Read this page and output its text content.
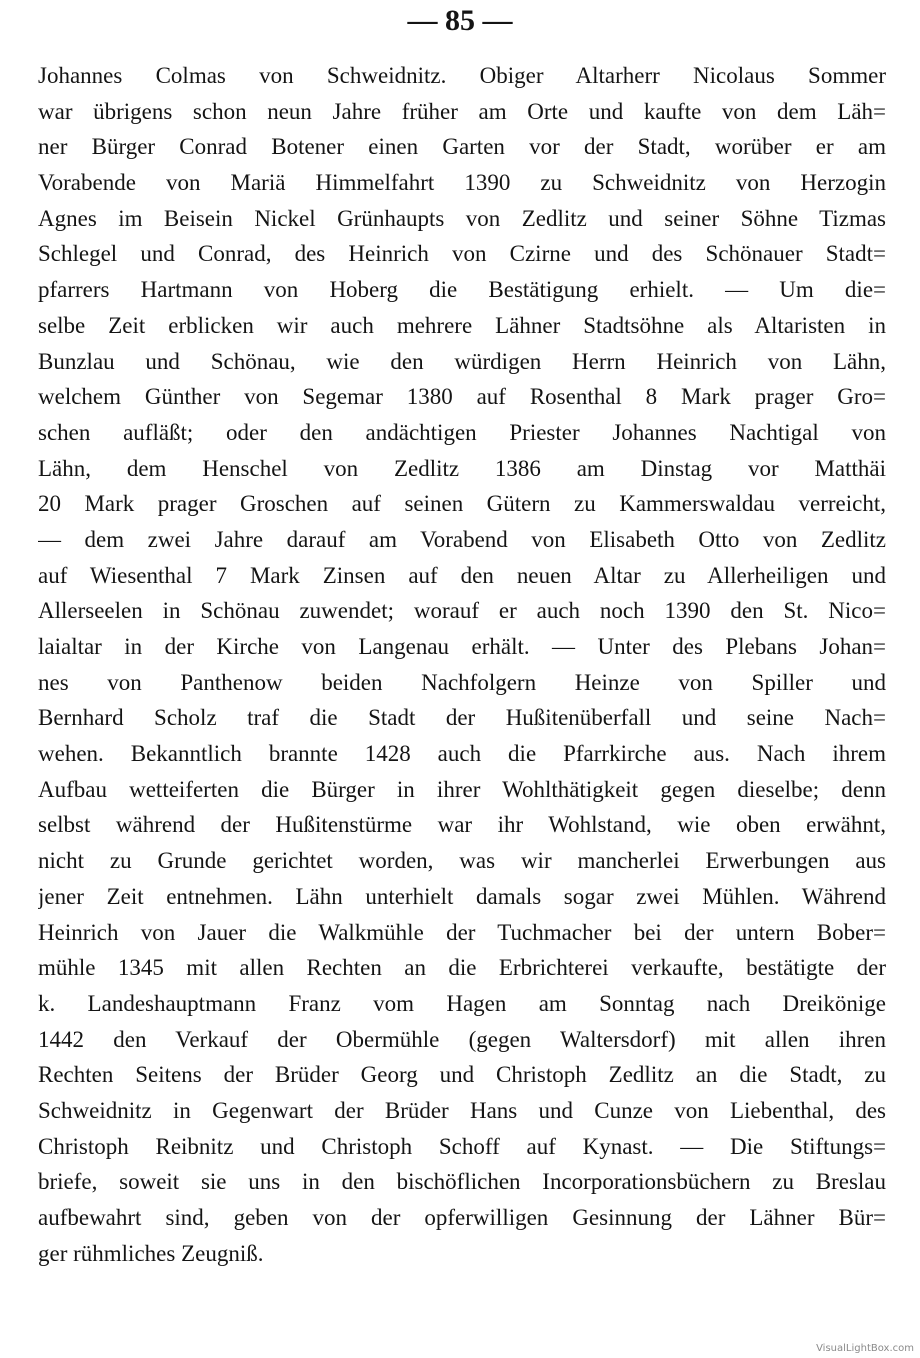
— 85 —
Johannes Colmas von Schweidnitz. Obiger Altarherr Nicolaus Sommer
war übrigens schon neun Jahre früher am Orte und kaufte von dem Läh=
ner Bürger Conrad Botener einen Garten vor der Stadt, worüber er am
Vorabende von Mariä Himmelfahrt 1390 zu Schweidnitz von Herzogin
Agnes im Beisein Nickel Grünhaupts von Zedlitz und seiner Söhne Tizmas
Schlegel und Conrad, des Heinrich von Czirne und des Schönauer Stadt=
pfarrers Hartmann von Hoberg die Bestätigung erhielt. — Um die=
selbe Zeit erblicken wir auch mehrere Lähner Stadtsöhne als Altaristen in
Bunzlau und Schönau, wie den würdigen Herrn Heinrich von Lähn,
welchem Günther von Segemar 1380 auf Rosenthal 8 Mark prager Gro=
schen aufläßt; oder den andächtigen Priester Johannes Nachtigal von
Lähn, dem Henschel von Zedlitz 1386 am Dinstag vor Matthäi
20 Mark prager Groschen auf seinen Gütern zu Kammerswaldau verreicht,
— dem zwei Jahre darauf am Vorabend von Elisabeth Otto von Zedlitz
auf Wiesenthal 7 Mark Zinsen auf den neuen Altar zu Allerheiligen und
Allerseelen in Schönau zuwendet; worauf er auch noch 1390 den St. Nico=
laialtar in der Kirche von Langenau erhält. — Unter des Plebans Johan=
nes von Panthenow beiden Nachfolgern Heinze von Spiller und
Bernhard Scholz traf die Stadt der Hußitenüberfall und seine Nach=
wehen. Bekanntlich brannte 1428 auch die Pfarrkirche aus. Nach ihrem
Aufbau wetteiferten die Bürger in ihrer Wohlthätigkeit gegen dieselbe; denn
selbst während der Hußitenstürme war ihr Wohlstand, wie oben erwähnt,
nicht zu Grunde gerichtet worden, was wir mancherlei Erwerbungen aus
jener Zeit entnehmen. Lähn unterhielt damals sogar zwei Mühlen. Während
Heinrich von Jauer die Walkmühle der Tuchmacher bei der untern Bober=
mühle 1345 mit allen Rechten an die Erbrichterei verkaufte, bestätigte der
k. Landeshauptmann Franz vom Hagen am Sonntag nach Dreikönige
1442 den Verkauf der Obermühle (gegen Waltersdorf) mit allen ihren
Rechten Seitens der Brüder Georg und Christoph Zedlitz an die Stadt, zu
Schweidnitz in Gegenwart der Brüder Hans und Cunze von Liebenthal, des
Christoph Reibnitz und Christoph Schoff auf Kynast. — Die Stiftungs=
briefe, soweit sie uns in den bischöflichen Incorporationsbüchern zu Breslau
aufbewahrt sind, geben von der opferwilligen Gesinnung der Lähner Bür=
ger rühmliches Zeugniß.
VisualLightBox.com
